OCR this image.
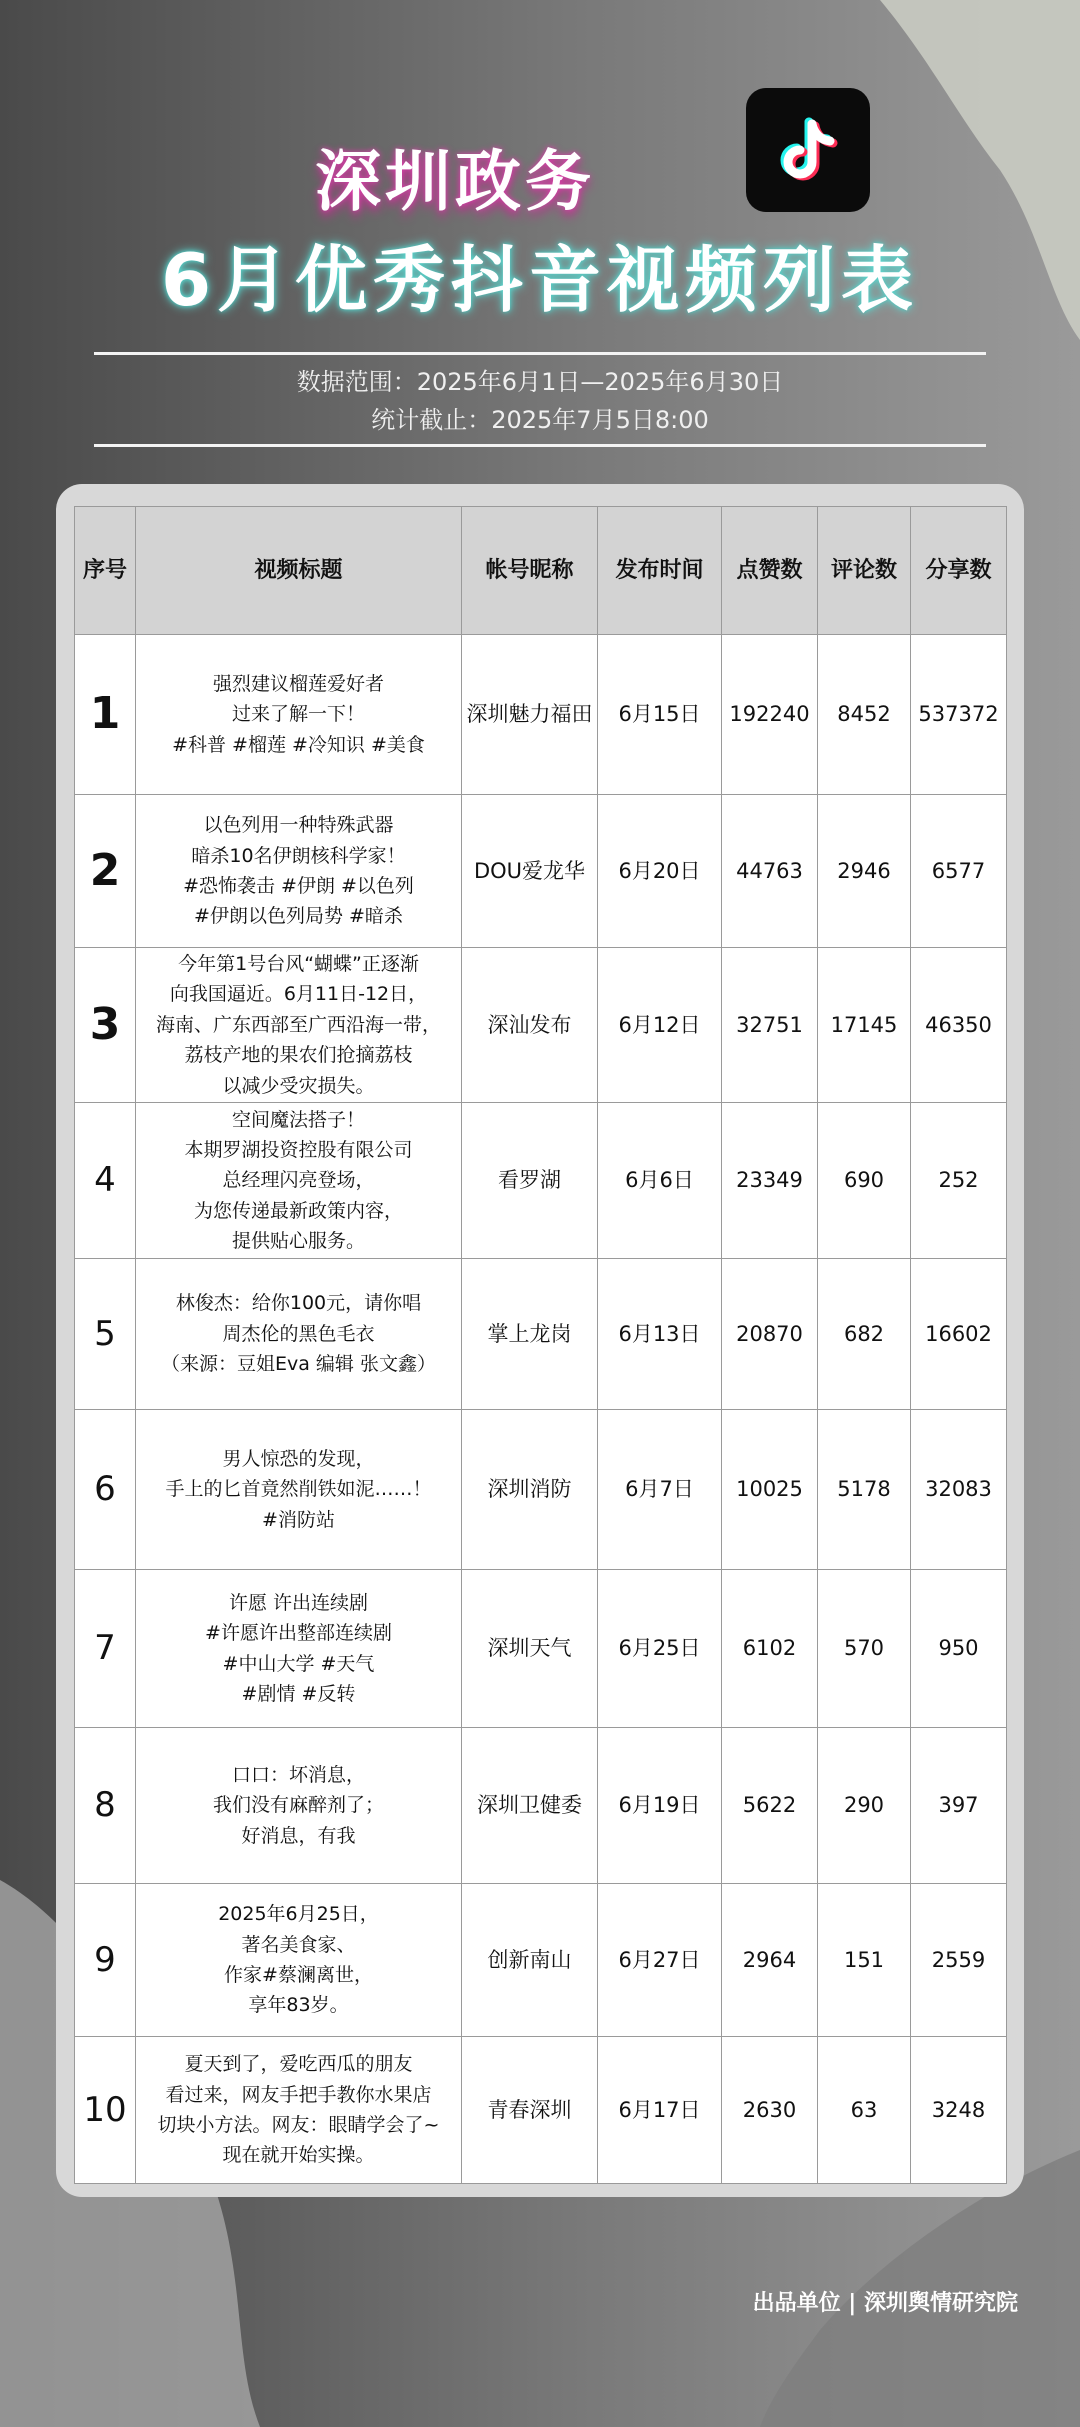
深圳政务
6月优秀抖音视频列表
数据范围：2025年6月1日—2025年6月30日
统计截止：2025年7月5日8:00
序号	视频标题	帐号昵称	发布时间	点赞数	评论数	分享数
1	强烈建议榴莲爱好者
过来了解一下！
#科普 #榴莲 #冷知识 #美食	深圳魅力福田	6月15日	192240	8452	537372
2	以色列用一种特殊武器
暗杀10名伊朗核科学家！
#恐怖袭击 #伊朗 #以色列
#伊朗以色列局势 #暗杀	DOU爱龙华	6月20日	44763	2946	6577
3	今年第1号台风“蝴蝶”正逐渐
向我国逼近。6月11日-12日，
海南、广东西部至广西沿海一带，
荔枝产地的果农们抢摘荔枝
以减少受灾损失。	深汕发布	6月12日	32751	17145	46350
4	空间魔法搭子！
本期罗湖投资控股有限公司
总经理闪亮登场，
为您传递最新政策内容，
提供贴心服务。	看罗湖	6月6日	23349	690	252
5	林俊杰：给你100元，请你唱
周杰伦的黑色毛衣
（来源：豆姐Eva 编辑 张文鑫）	掌上龙岗	6月13日	20870	682	16602
6	男人惊恐的发现，
手上的匕首竟然削铁如泥……！
#消防站	深圳消防	6月7日	10025	5178	32083
7	许愿 许出连续剧
#许愿许出整部连续剧
#中山大学 #天气
#剧情 #反转	深圳天气	6月25日	6102	570	950
8	口口：坏消息，
我们没有麻醉剂了；
好消息，有我	深圳卫健委	6月19日	5622	290	397
9	2025年6月25日，
著名美食家、
作家#蔡澜离世，
享年83岁。	创新南山	6月27日	2964	151	2559
10	夏天到了，爱吃西瓜的朋友
看过来，网友手把手教你水果店
切块小方法。网友：眼睛学会了~
现在就开始实操。	青春深圳	6月17日	2630	63	3248
出品单位 | 深圳舆情研究院
